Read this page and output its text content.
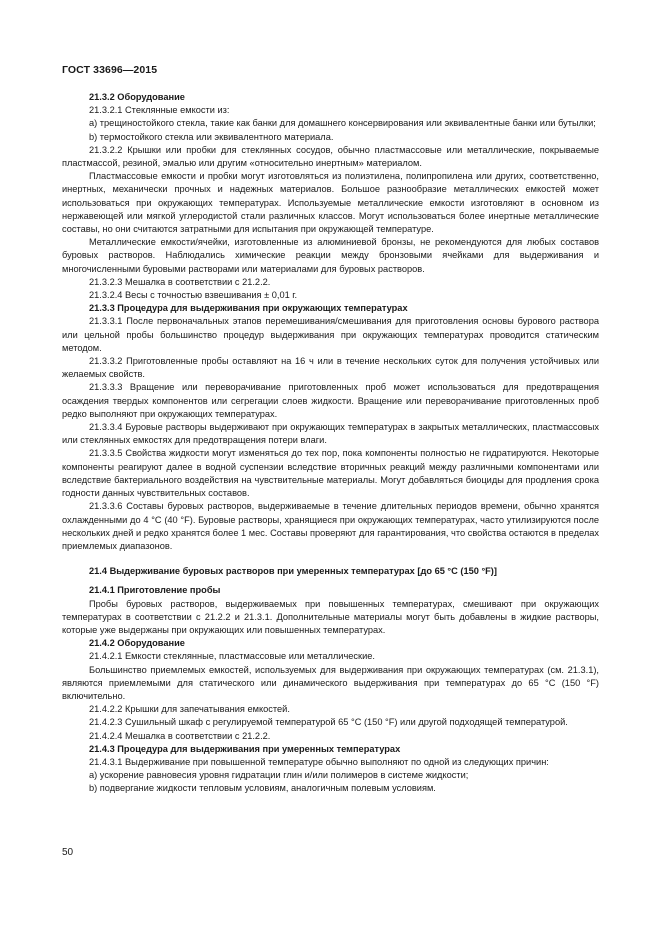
ГОСТ 33696—2015

21.3.2 Оборудование

21.3.2.1 Стеклянные емкости из:

a) трещиностойкого стекла, такие как банки для домашнего консервирования или эквивалентные банки или бутылки;

b) термостойкого стекла или эквивалентного материала.

21.3.2.2 Крышки или пробки для стеклянных сосудов, обычно пластмассовые или металлические, покрываемые пластмассой, резиной, эмалью или другим «относительно инертным» материалом.

Пластмассовые емкости и пробки могут изготовляться из полиэтилена, полипропилена или других, соответственно, инертных, механически прочных и надежных материалов. Большое разнообразие металлических емкостей может использоваться при окружающих температурах. Используемые металлические емкости изготовляют в основном из нержавеющей или мягкой углеродистой стали различных классов. Могут использоваться более инертные металлические составы, но они считаются затратными для испытания при окружающей температуре.

Металлические емкости/ячейки, изготовленные из алюминиевой бронзы, не рекомендуются для любых составов буровых растворов. Наблюдались химические реакции между бронзовыми ячейками для выдерживания и многочисленными буровыми растворами или материалами для буровых растворов.

21.3.2.3 Мешалка в соответствии с 21.2.2.

21.3.2.4 Весы с точностью взвешивания ± 0,01 г.

21.3.3 Процедура для выдерживания при окружающих температурах

21.3.3.1 После первоначальных этапов перемешивания/смешивания для приготовления основы бурового раствора или цельной пробы большинство процедур выдерживания при окружающих температурах проводится статическим методом.

21.3.3.2 Приготовленные пробы оставляют на 16 ч или в течение нескольких суток для получения устойчивых или желаемых свойств.

21.3.3.3 Вращение или переворачивание приготовленных проб может использоваться для предотвращения осаждения твердых компонентов или сегрегации слоев жидкости. Вращение или переворачивание приготовленных проб редко выполняют при окружающих температурах.

21.3.3.4 Буровые растворы выдерживают при окружающих температурах в закрытых металлических, пластмассовых или стеклянных емкостях для предотвращения потери влаги.

21.3.3.5 Свойства жидкости могут изменяться до тех пор, пока компоненты полностью не гидратируются. Некоторые компоненты реагируют далее в водной суспензии вследствие вторичных реакций между различными компонентами или вследствие бактериального воздействия на чувствительные материалы. Могут добавляться биоциды для продления срока годности данных чувствительных составов.

21.3.3.6 Составы буровых растворов, выдерживаемые в течение длительных периодов времени, обычно хранятся охлажденными до 4 °С (40 °F). Буровые растворы, хранящиеся при окружающих температурах, часто утилизируются после нескольких дней и редко хранятся более 1 мес. Составы проверяют для гарантирования, что свойства остаются в пределах приемлемых диапазонов.

21.4 Выдерживание буровых растворов при умеренных температурах [до 65 °С (150 °F)]

21.4.1 Приготовление пробы

Пробы буровых растворов, выдерживаемых при повышенных температурах, смешивают при окружающих температурах в соответствии с 21.2.2 и 21.3.1. Дополнительные материалы могут быть добавлены в жидкие растворы, которые уже выдержаны при окружающих или повышенных температурах.

21.4.2 Оборудование

21.4.2.1 Емкости стеклянные, пластмассовые или металлические.

Большинство приемлемых емкостей, используемых для выдерживания при окружающих температурах (см. 21.3.1), являются приемлемыми для статического или динамического выдерживания при температурах до 65 °С (150 °F) включительно.

21.4.2.2 Крышки для запечатывания емкостей.

21.4.2.3 Сушильный шкаф с регулируемой температурой 65 °С (150 °F) или другой подходящей температурой.

21.4.2.4 Мешалка в соответствии с 21.2.2.

21.4.3 Процедура для выдерживания при умеренных температурах

21.4.3.1 Выдерживание при повышенной температуре обычно выполняют по одной из следующих причин:

a) ускорение равновесия уровня гидратации глин и/или полимеров в системе жидкости;

b) подвергание жидкости тепловым условиям, аналогичным полевым условиям.

50
